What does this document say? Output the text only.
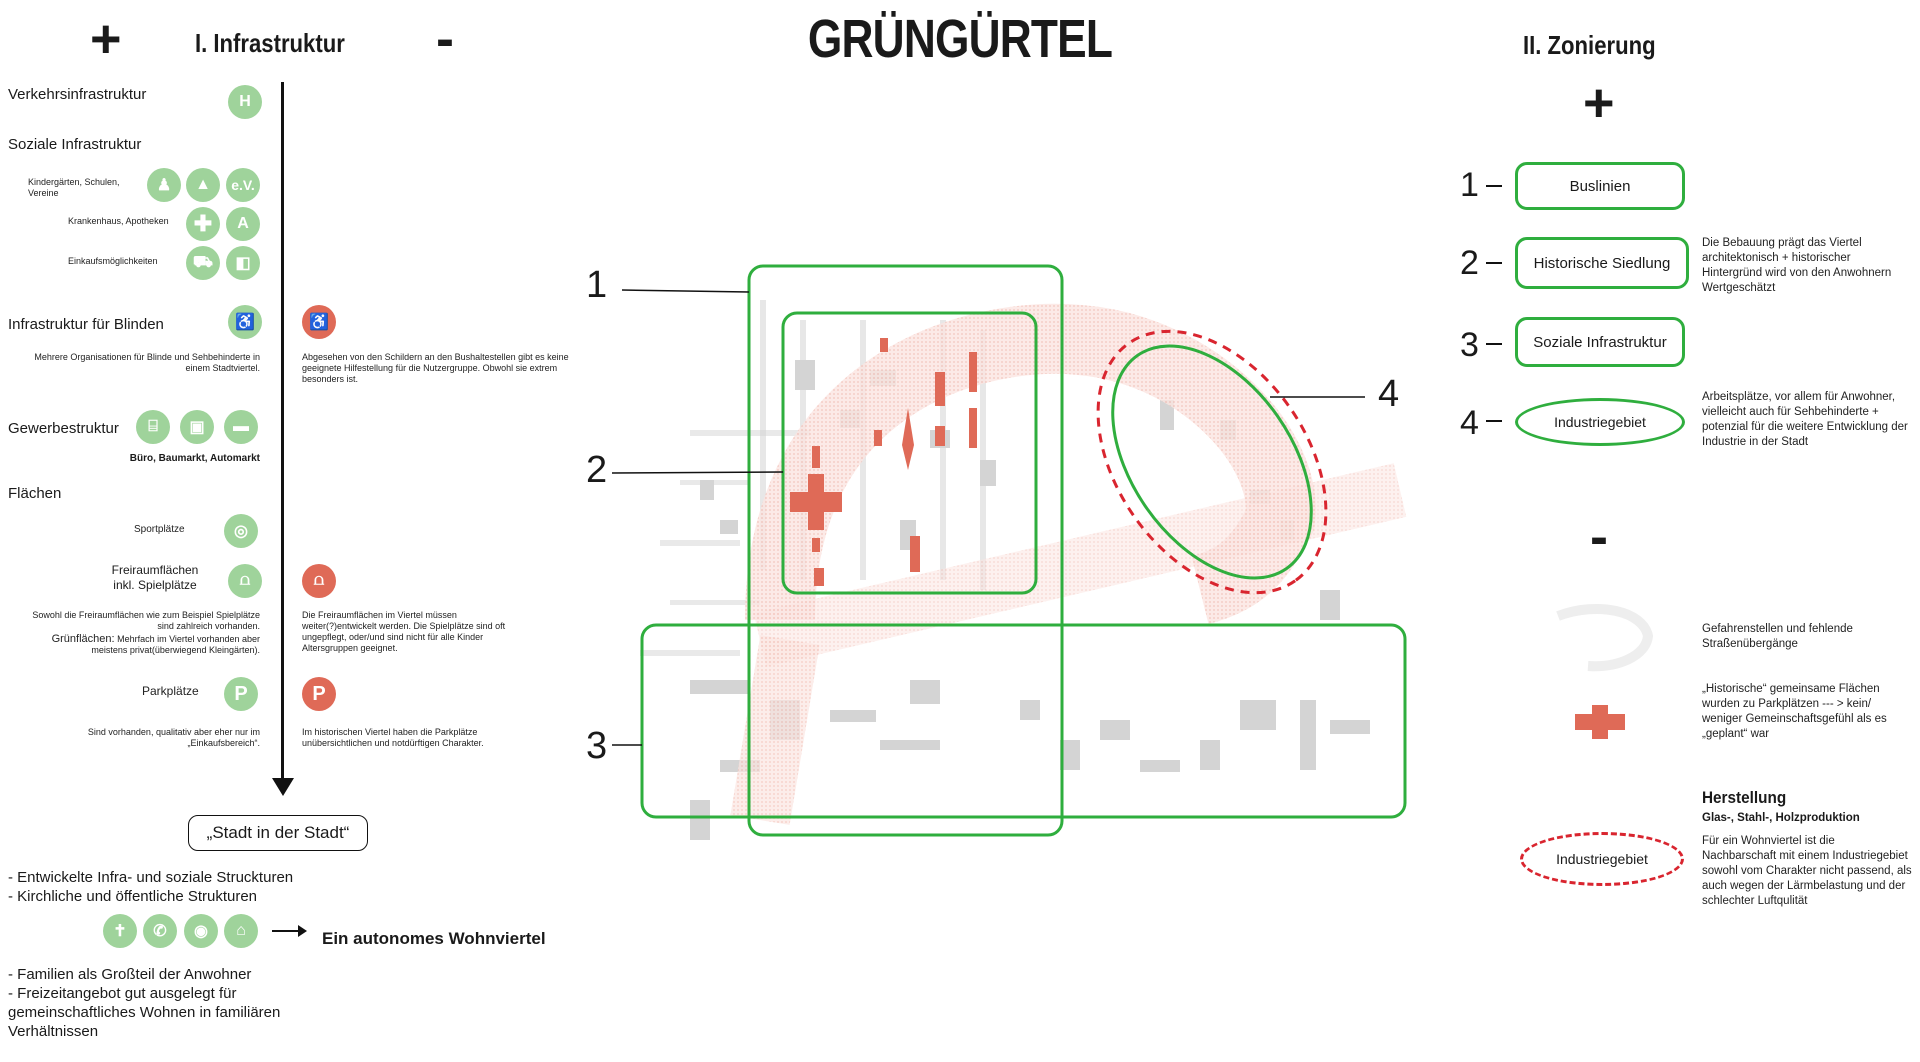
GRÜNGÜRTEL
+	I. Infrastruktur -
Verkehrsinfrastruktur	H
Soziale Infrastruktur
Kindergärten, Schulen, Vereine	♟	▲	e.V.
Krankenhaus, Apotheken	✚	A
Einkaufsmöglichkeiten	⛟	◧
Infrastruktur für Blinden	♿	♿
Mehrere Organisationen für Blinde und Sehbehinderte in einem Stadtviertel.
Abgesehen von den Schildern an den Bushaltestellen gibt es keine geeignete Hilfestellung für die Nutzergruppe. Obwohl sie extrem besonders ist.
Gewerbestruktur	⌸	▣	▬
Büro, Baumarkt, Automarkt
Flächen
Sportplätze	◎
Freiraumflächen inkl. Spielplätze	⩍	⩍
Sowohl die Freiraumflächen wie zum Beispiel Spielplätze sind zahlreich vorhanden.
Grünflächen: Mehrfach im Viertel vorhanden aber meistens privat(überwiegend Kleingärten).
Die Freiraumflächen im Viertel müssen weiter(?)entwickelt werden. Die Spielplätze sind oft ungepflegt, oder/und sind nicht für alle Kinder Altersgruppen geeignet.
Parkplätze	P	P
Sind vorhanden, qualitativ aber eher nur im „Einkaufsbereich“.
Im historischen Viertel haben die Parkplätze unübersichtlichen und notdürftigen Charakter.
„Stadt in der Stadt“
- Entwickelte Infra- und soziale Struckturen
- Kirchliche und öffentliche Strukturen
✝	✆	◉	⌂	Ein autonomes Wohnviertel
- Familien als Großteil der Anwohner
- Freizeitangebot gut ausgelegt für
gemeinschaftliches Wohnen in familiären
Verhältnissen
1
2
3
4
II. Zonierung
+
1	Buslinien
2	Historische Siedlung
Die Bebauung prägt das Viertel architektonisch + historischer Hintergründ wird von den Anwohnern Wertgeschätzt
3	Soziale Infrastruktur
4	Industriegebiet
Arbeitsplätze, vor allem für Anwohner, vielleicht auch für Sehbehinderte + potenzial für die weitere Entwicklung der Industrie in der Stadt
-
Gefahrenstellen und fehlende Straßenübergänge
„Historische“ gemeinsame Flächen wurden zu Parkplätzen --- > kein/ weniger Gemeinschaftsgefühl als es „geplant“ war
Herstellung
Glas-, Stahl-, Holzproduktion
Industriegebiet
Für ein Wohnviertel ist die Nachbarschaft mit einem Industriegebiet sowohl vom Charakter nicht passend, als auch wegen der Lärmbelastung und der schlechter Luftqulität
